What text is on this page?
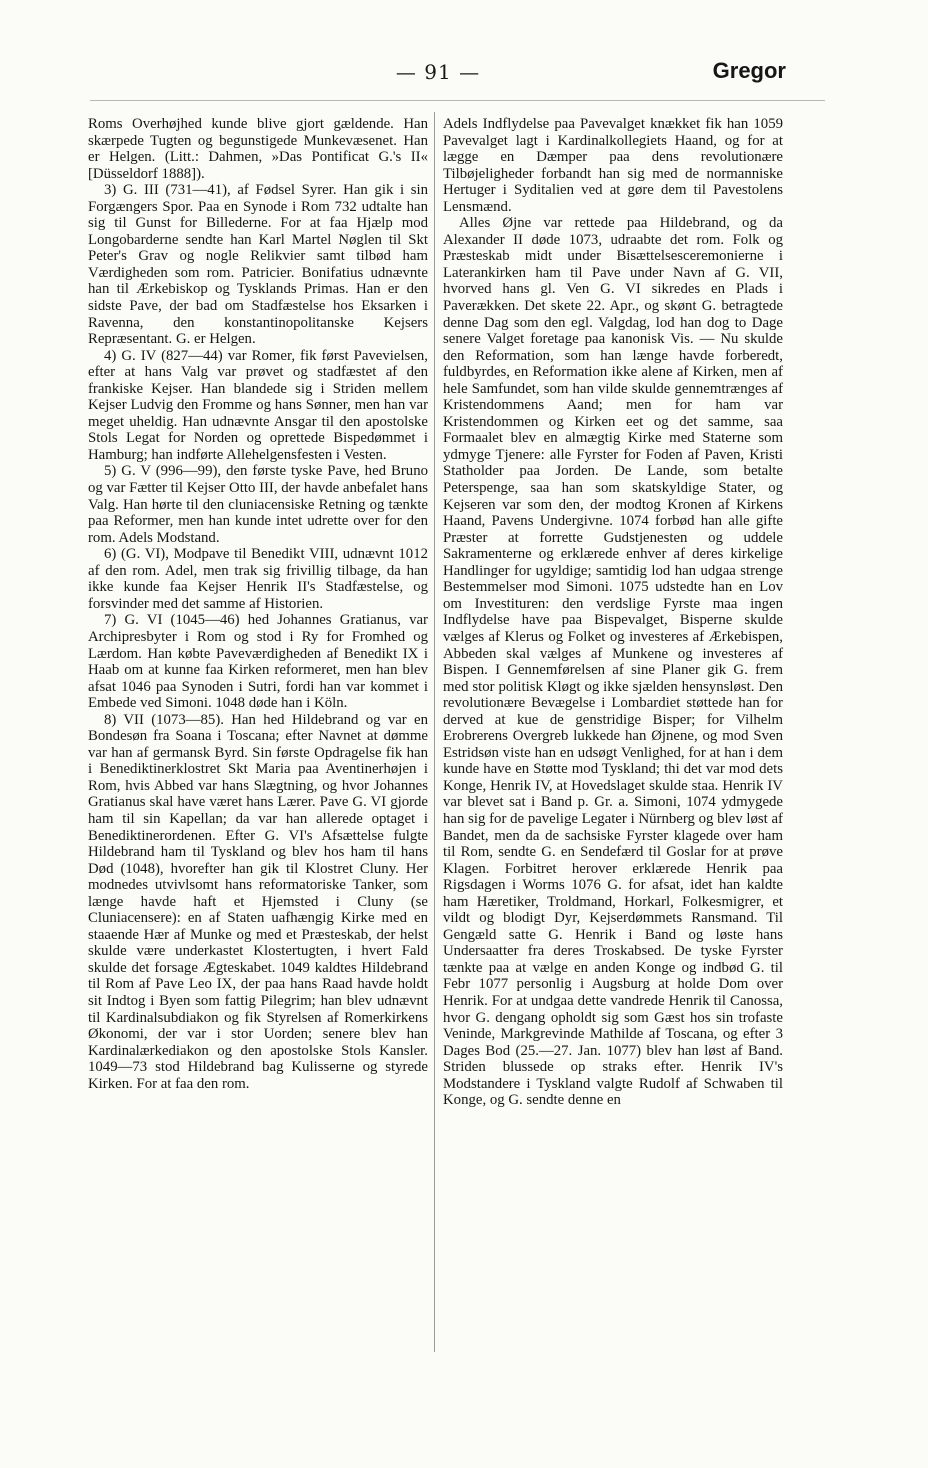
— 91 —	Gregor

Roms Overhøjhed kunde blive gjort gældende. Han skærpede Tugten og begunstigede Munkevæsenet. Han er Helgen. (Litt.: Dahmen, »Das Pontificat G.'s II« [Düsseldorf 1888]).

3) G. III (731—41), af Fødsel Syrer. Han gik i sin Forgængers Spor. Paa en Synode i Rom 732 udtalte han sig til Gunst for Billederne. For at faa Hjælp mod Longobarderne sendte han Karl Martel Nøglen til Skt Peter's Grav og nogle Relikvier samt tilbød ham Værdigheden som rom. Patricier. Bonifatius udnævnte han til Ærkebiskop og Tysklands Primas. Han er den sidste Pave, der bad om Stadfæstelse hos Eksarken i Ravenna, den konstantinopolitanske Kejsers Repræsentant. G. er Helgen.

4) G. IV (827—44) var Romer, fik først Pavevielsen, efter at hans Valg var prøvet og stadfæstet af den frankiske Kejser. Han blandede sig i Striden mellem Kejser Ludvig den Fromme og hans Sønner, men han var meget uheldig. Han udnævnte Ansgar til den apostolske Stols Legat for Norden og oprettede Bispedømmet i Hamburg; han indførte Allehelgensfesten i Vesten.

5) G. V (996—99), den første tyske Pave, hed Bruno og var Fætter til Kejser Otto III, der havde anbefalet hans Valg. Han hørte til den cluniacensiske Retning og tænkte paa Reformer, men han kunde intet udrette over for den rom. Adels Modstand.

6) (G. VI), Modpave til Benedikt VIII, udnævnt 1012 af den rom. Adel, men trak sig frivillig tilbage, da han ikke kunde faa Kejser Henrik II's Stadfæstelse, og forsvinder med det samme af Historien.

7) G. VI (1045—46) hed Johannes Gratianus, var Archipresbyter i Rom og stod i Ry for Fromhed og Lærdom. Han købte Paveværdigheden af Benedikt IX i Haab om at kunne faa Kirken reformeret, men han blev afsat 1046 paa Synoden i Sutri, fordi han var kommet i Embede ved Simoni. 1048 døde han i Köln.

8) VII (1073—85). Han hed Hildebrand og var en Bondesøn fra Soana i Toscana; efter Navnet at dømme var han af germansk Byrd. Sin første Opdragelse fik han i Benediktinerklostret Skt Maria paa Aventinerhøjen i Rom, hvis Abbed var hans Slægtning, og hvor Johannes Gratianus skal have været hans Lærer. Pave G. VI gjorde ham til sin Kapellan; da var han allerede optaget i Benediktinerordenen. Efter G. VI's Afsættelse fulgte Hildebrand ham til Tyskland og blev hos ham til hans Død (1048), hvorefter han gik til Klostret Cluny. Her modnedes utvivlsomt hans reformatoriske Tanker, som længe havde haft et Hjemsted i Cluny (se Cluniacensere): en af Staten uafhængig Kirke med en staaende Hær af Munke og med et Præsteskab, der helst skulde være underkastet Klostertugten, i hvert Fald skulde det forsage Ægteskabet. 1049 kaldtes Hildebrand til Rom af Pave Leo IX, der paa hans Raad havde holdt sit Indtog i Byen som fattig Pilegrim; han blev udnævnt til Kardinalsubdiakon og fik Styrelsen af Romerkirkens Økonomi, der var i stor Uorden; senere blev han Kardinalærkediakon og den apostolske Stols Kansler. 1049—73 stod Hildebrand bag Kulisserne og styrede Kirken. For at faa den rom.

Adels Indflydelse paa Pavevalget knækket fik han 1059 Pavevalget lagt i Kardinalkollegiets Haand, og for at lægge en Dæmper paa dens revolutionære Tilbøjeligheder forbandt han sig med de normanniske Hertuger i Syditalien ved at gøre dem til Pavestolens Lensmænd.

Alles Øjne var rettede paa Hildebrand, og da Alexander II døde 1073, udraabte det rom. Folk og Præsteskab midt under Bisættelsesceremonierne i Laterankirken ham til Pave under Navn af G. VII, hvorved hans gl. Ven G. VI sikredes en Plads i Paverækken. Det skete 22. Apr., og skønt G. betragtede denne Dag som den egl. Valgdag, lod han dog to Dage senere Valget foretage paa kanonisk Vis. — Nu skulde den Reformation, som han længe havde forberedt, fuldbyrdes, en Reformation ikke alene af Kirken, men af hele Samfundet, som han vilde skulde gennemtrænges af Kristendommens Aand; men for ham var Kristendommen og Kirken eet og det samme, saa Formaalet blev en almægtig Kirke med Staterne som ydmyge Tjenere: alle Fyrster for Foden af Paven, Kristi Statholder paa Jorden. De Lande, som betalte Peterspenge, saa han som skatskyldige Stater, og Kejseren var som den, der modtog Kronen af Kirkens Haand, Pavens Undergivne. 1074 forbød han alle gifte Præster at forrette Gudstjenesten og uddele Sakramenterne og erklærede enhver af deres kirkelige Handlinger for ugyldige; samtidig lod han udgaa strenge Bestemmelser mod Simoni. 1075 udstedte han en Lov om Investituren: den verdslige Fyrste maa ingen Indflydelse have paa Bispevalget, Bisperne skulde vælges af Klerus og Folket og investeres af Ærkebispen, Abbeden skal vælges af Munkene og investeres af Bispen. I Gennemførelsen af sine Planer gik G. frem med stor politisk Kløgt og ikke sjælden hensynsløst. Den revolutionære Bevægelse i Lombardiet støttede han for derved at kue de genstridige Bisper; for Vilhelm Erobrerens Overgreb lukkede han Øjnene, og mod Sven Estridsøn viste han en udsøgt Venlighed, for at han i dem kunde have en Støtte mod Tyskland; thi det var mod dets Konge, Henrik IV, at Hovedslaget skulde staa. Henrik IV var blevet sat i Band p. Gr. a. Simoni, 1074 ydmygede han sig for de pavelige Legater i Nürnberg og blev løst af Bandet, men da de sachsiske Fyrster klagede over ham til Rom, sendte G. en Sendefærd til Goslar for at prøve Klagen. Forbitret herover erklærede Henrik paa Rigsdagen i Worms 1076 G. for afsat, idet han kaldte ham Hæretiker, Troldmand, Horkarl, Folkesmigrer, et vildt og blodigt Dyr, Kejserdømmets Ransmand. Til Gengæld satte G. Henrik i Band og løste hans Undersaatter fra deres Troskabsed. De tyske Fyrster tænkte paa at vælge en anden Konge og indbød G. til Febr 1077 personlig i Augsburg at holde Dom over Henrik. For at undgaa dette vandrede Henrik til Canossa, hvor G. dengang opholdt sig som Gæst hos sin trofaste Veninde, Markgrevinde Mathilde af Toscana, og efter 3 Dages Bod (25.—27. Jan. 1077) blev han løst af Band. Striden blussede op straks efter. Henrik IV's Modstandere i Tyskland valgte Rudolf af Schwaben til Konge, og G. sendte denne en
